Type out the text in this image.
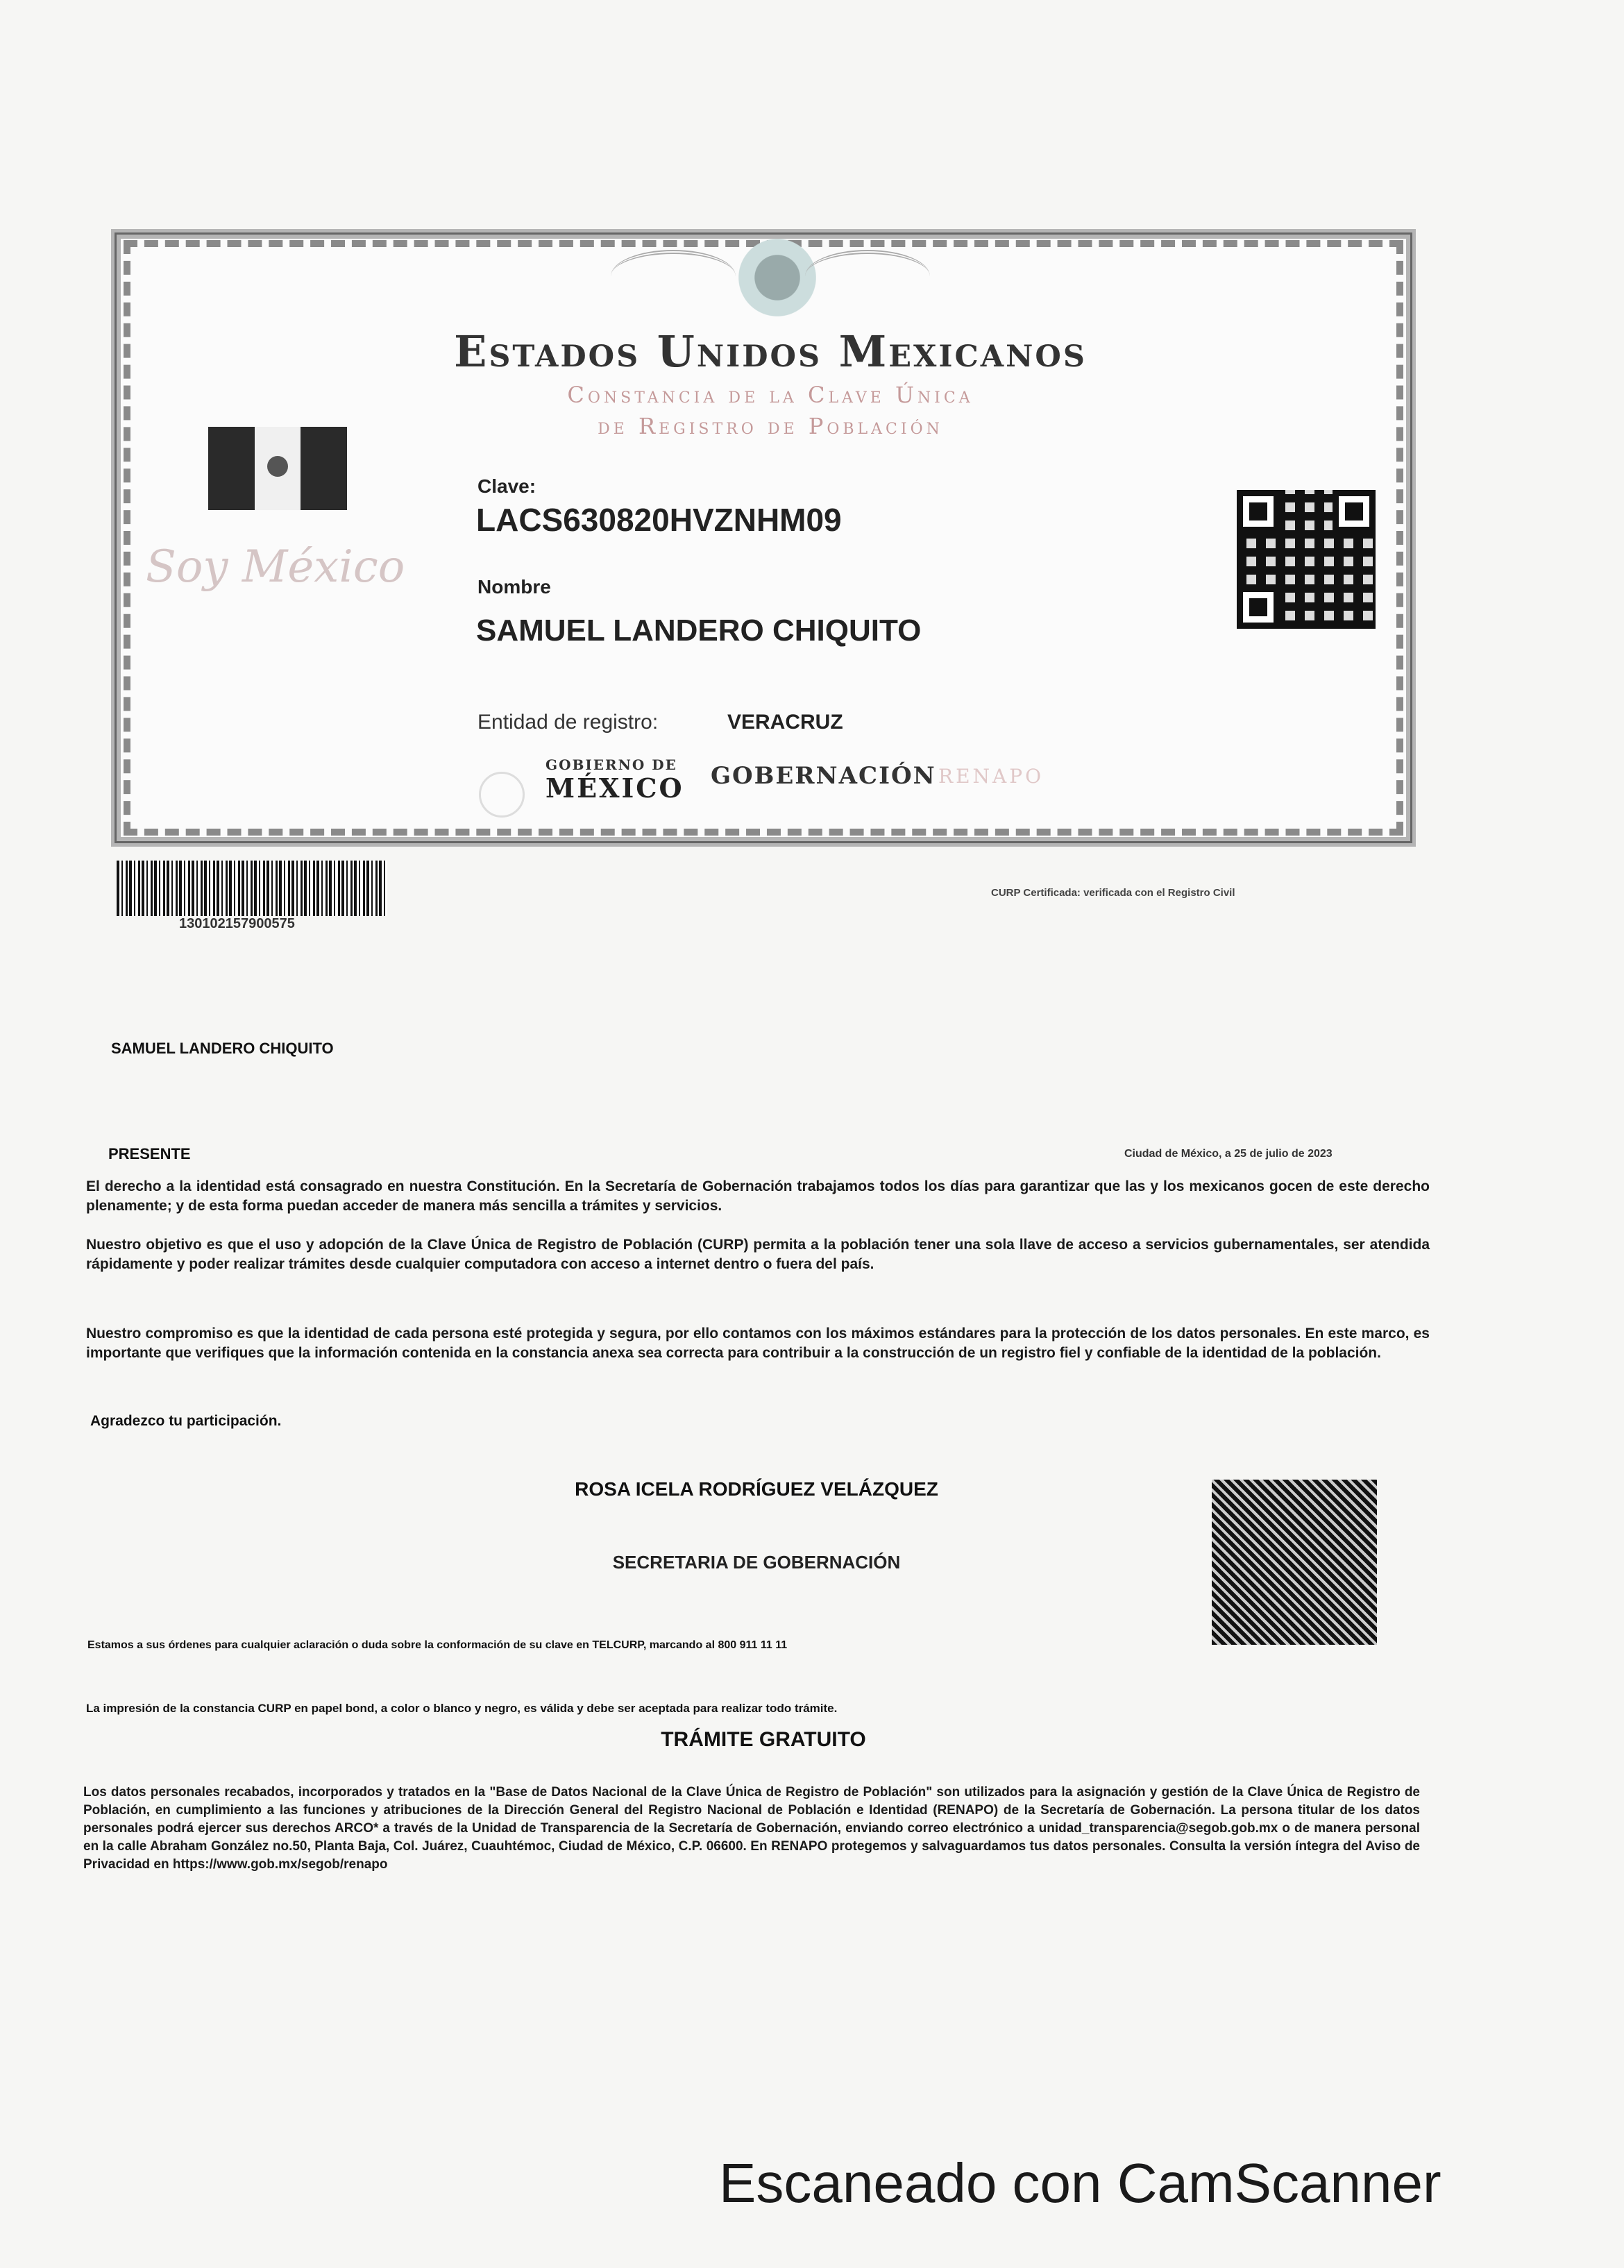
Estados Unidos Mexicanos
Constancia de la Clave Única
de Registro de Población
Soy México
Clave:
LACS630820HVZNHM09
Nombre
SAMUEL LANDERO CHIQUITO
Entidad de registro:	VERACRUZ
GOBIERNO DE
MÉXICO GOBERNACIÓN RENAPO
130102157900575
CURP Certificada: verificada con el Registro Civil
SAMUEL LANDERO CHIQUITO
PRESENTE	Ciudad de México, a 25 de julio de 2023

El derecho a la identidad está consagrado en nuestra Constitución. En la Secretaría de Gobernación trabajamos todos los días para garantizar que las y los mexicanos gocen de este derecho plenamente; y de esta forma puedan acceder de manera más sencilla a trámites y servicios.

Nuestro objetivo es que el uso y adopción de la Clave Única de Registro de Población (CURP) permita a la población tener una sola llave de acceso a servicios gubernamentales, ser atendida rápidamente y poder realizar trámites desde cualquier computadora con acceso a internet dentro o fuera del país.

Nuestro compromiso es que la identidad de cada persona esté protegida y segura, por ello contamos con los máximos estándares para la protección de los datos personales. En este marco, es importante que verifiques que la información contenida en la constancia anexa sea correcta para contribuir a la construcción de un registro fiel y confiable de la identidad de la población.

Agradezco tu participación.
ROSA ICELA RODRÍGUEZ VELÁZQUEZ
SECRETARIA DE GOBERNACIÓN
Estamos a sus órdenes para cualquier aclaración o duda sobre la conformación de su clave en TELCURP, marcando al 800 911 11 11
La impresión de la constancia CURP en papel bond, a color o blanco y negro, es válida y debe ser aceptada para realizar todo trámite.
TRÁMITE GRATUITO

Los datos personales recabados, incorporados y tratados en la "Base de Datos Nacional de la Clave Única de Registro de Población" son utilizados para la asignación y gestión de la Clave Única de Registro de Población, en cumplimiento a las funciones y atribuciones de la Dirección General del Registro Nacional de Población e Identidad (RENAPO) de la Secretaría de Gobernación. La persona titular de los datos personales podrá ejercer sus derechos ARCO* a través de la Unidad de Transparencia de la Secretaría de Gobernación, enviando correo electrónico a unidad_transparencia@segob.gob.mx o de manera personal en la calle Abraham González no.50, Planta Baja, Col. Juárez, Cuauhtémoc, Ciudad de México, C.P. 06600. En RENAPO protegemos y salvaguardamos tus datos personales. Consulta la versión íntegra del Aviso de Privacidad en https://www.gob.mx/segob/renapo

Escaneado con CamScanner
